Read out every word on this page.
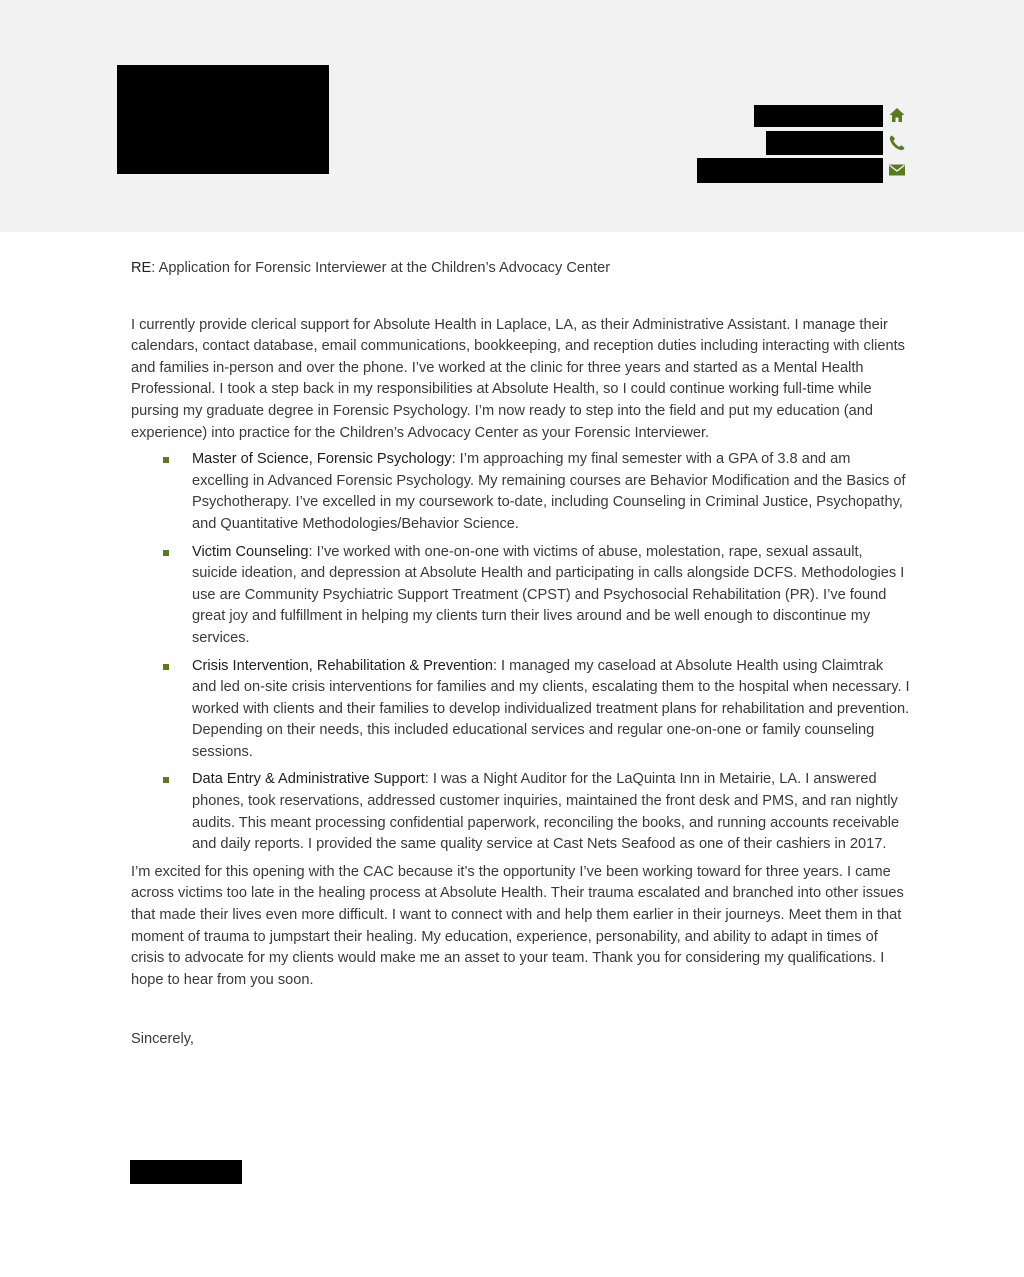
RE: Application for Forensic Interviewer at the Children’s Advocacy Center

I currently provide clerical support for Absolute Health in Laplace, LA, as their Administrative Assistant. I manage their calendars, contact database, email communications, bookkeeping, and reception duties including interacting with clients and families in-person and over the phone. I’ve worked at the clinic for three years and started as a Mental Health Professional. I took a step back in my responsibilities at Absolute Health, so I could continue working full-time while pursing my graduate degree in Forensic Psychology. I’m now ready to step into the field and put my education (and experience) into practice for the Children’s Advocacy Center as your Forensic Interviewer.

Master of Science, Forensic Psychology: I’m approaching my final semester with a GPA of 3.8 and am excelling in Advanced Forensic Psychology. My remaining courses are Behavior Modification and the Basics of Psychotherapy. I’ve excelled in my coursework to-date, including Counseling in Criminal Justice, Psychopathy, and Quantitative Methodologies/Behavior Science.
Victim Counseling: I’ve worked with one-on-one with victims of abuse, molestation, rape, sexual assault, suicide ideation, and depression at Absolute Health and participating in calls alongside DCFS. Methodologies I use are Community Psychiatric Support Treatment (CPST) and Psychosocial Rehabilitation (PR). I’ve found great joy and fulfillment in helping my clients turn their lives around and be well enough to discontinue my services.
Crisis Intervention, Rehabilitation & Prevention: I managed my caseload at Absolute Health using Claimtrak and led on-site crisis interventions for families and my clients, escalating them to the hospital when necessary. I worked with clients and their families to develop individualized treatment plans for rehabilitation and prevention. Depending on their needs, this included educational services and regular one-on-one or family counseling sessions.
Data Entry & Administrative Support: I was a Night Auditor for the LaQuinta Inn in Metairie, LA. I answered phones, took reservations, addressed customer inquiries, maintained the front desk and PMS, and ran nightly audits. This meant processing confidential paperwork, reconciling the books, and running accounts receivable and daily reports. I provided the same quality service at Cast Nets Seafood as one of their cashiers in 2017.

I’m excited for this opening with the CAC because it’s the opportunity I’ve been working toward for three years. I came across victims too late in the healing process at Absolute Health. Their trauma escalated and branched into other issues that made their lives even more difficult. I want to connect with and help them earlier in their journeys. Meet them in that moment of trauma to jumpstart their healing. My education, experience, personability, and ability to adapt in times of crisis to advocate for my clients would make me an asset to your team. Thank you for considering my qualifications. I hope to hear from you soon.

Sincerely,
